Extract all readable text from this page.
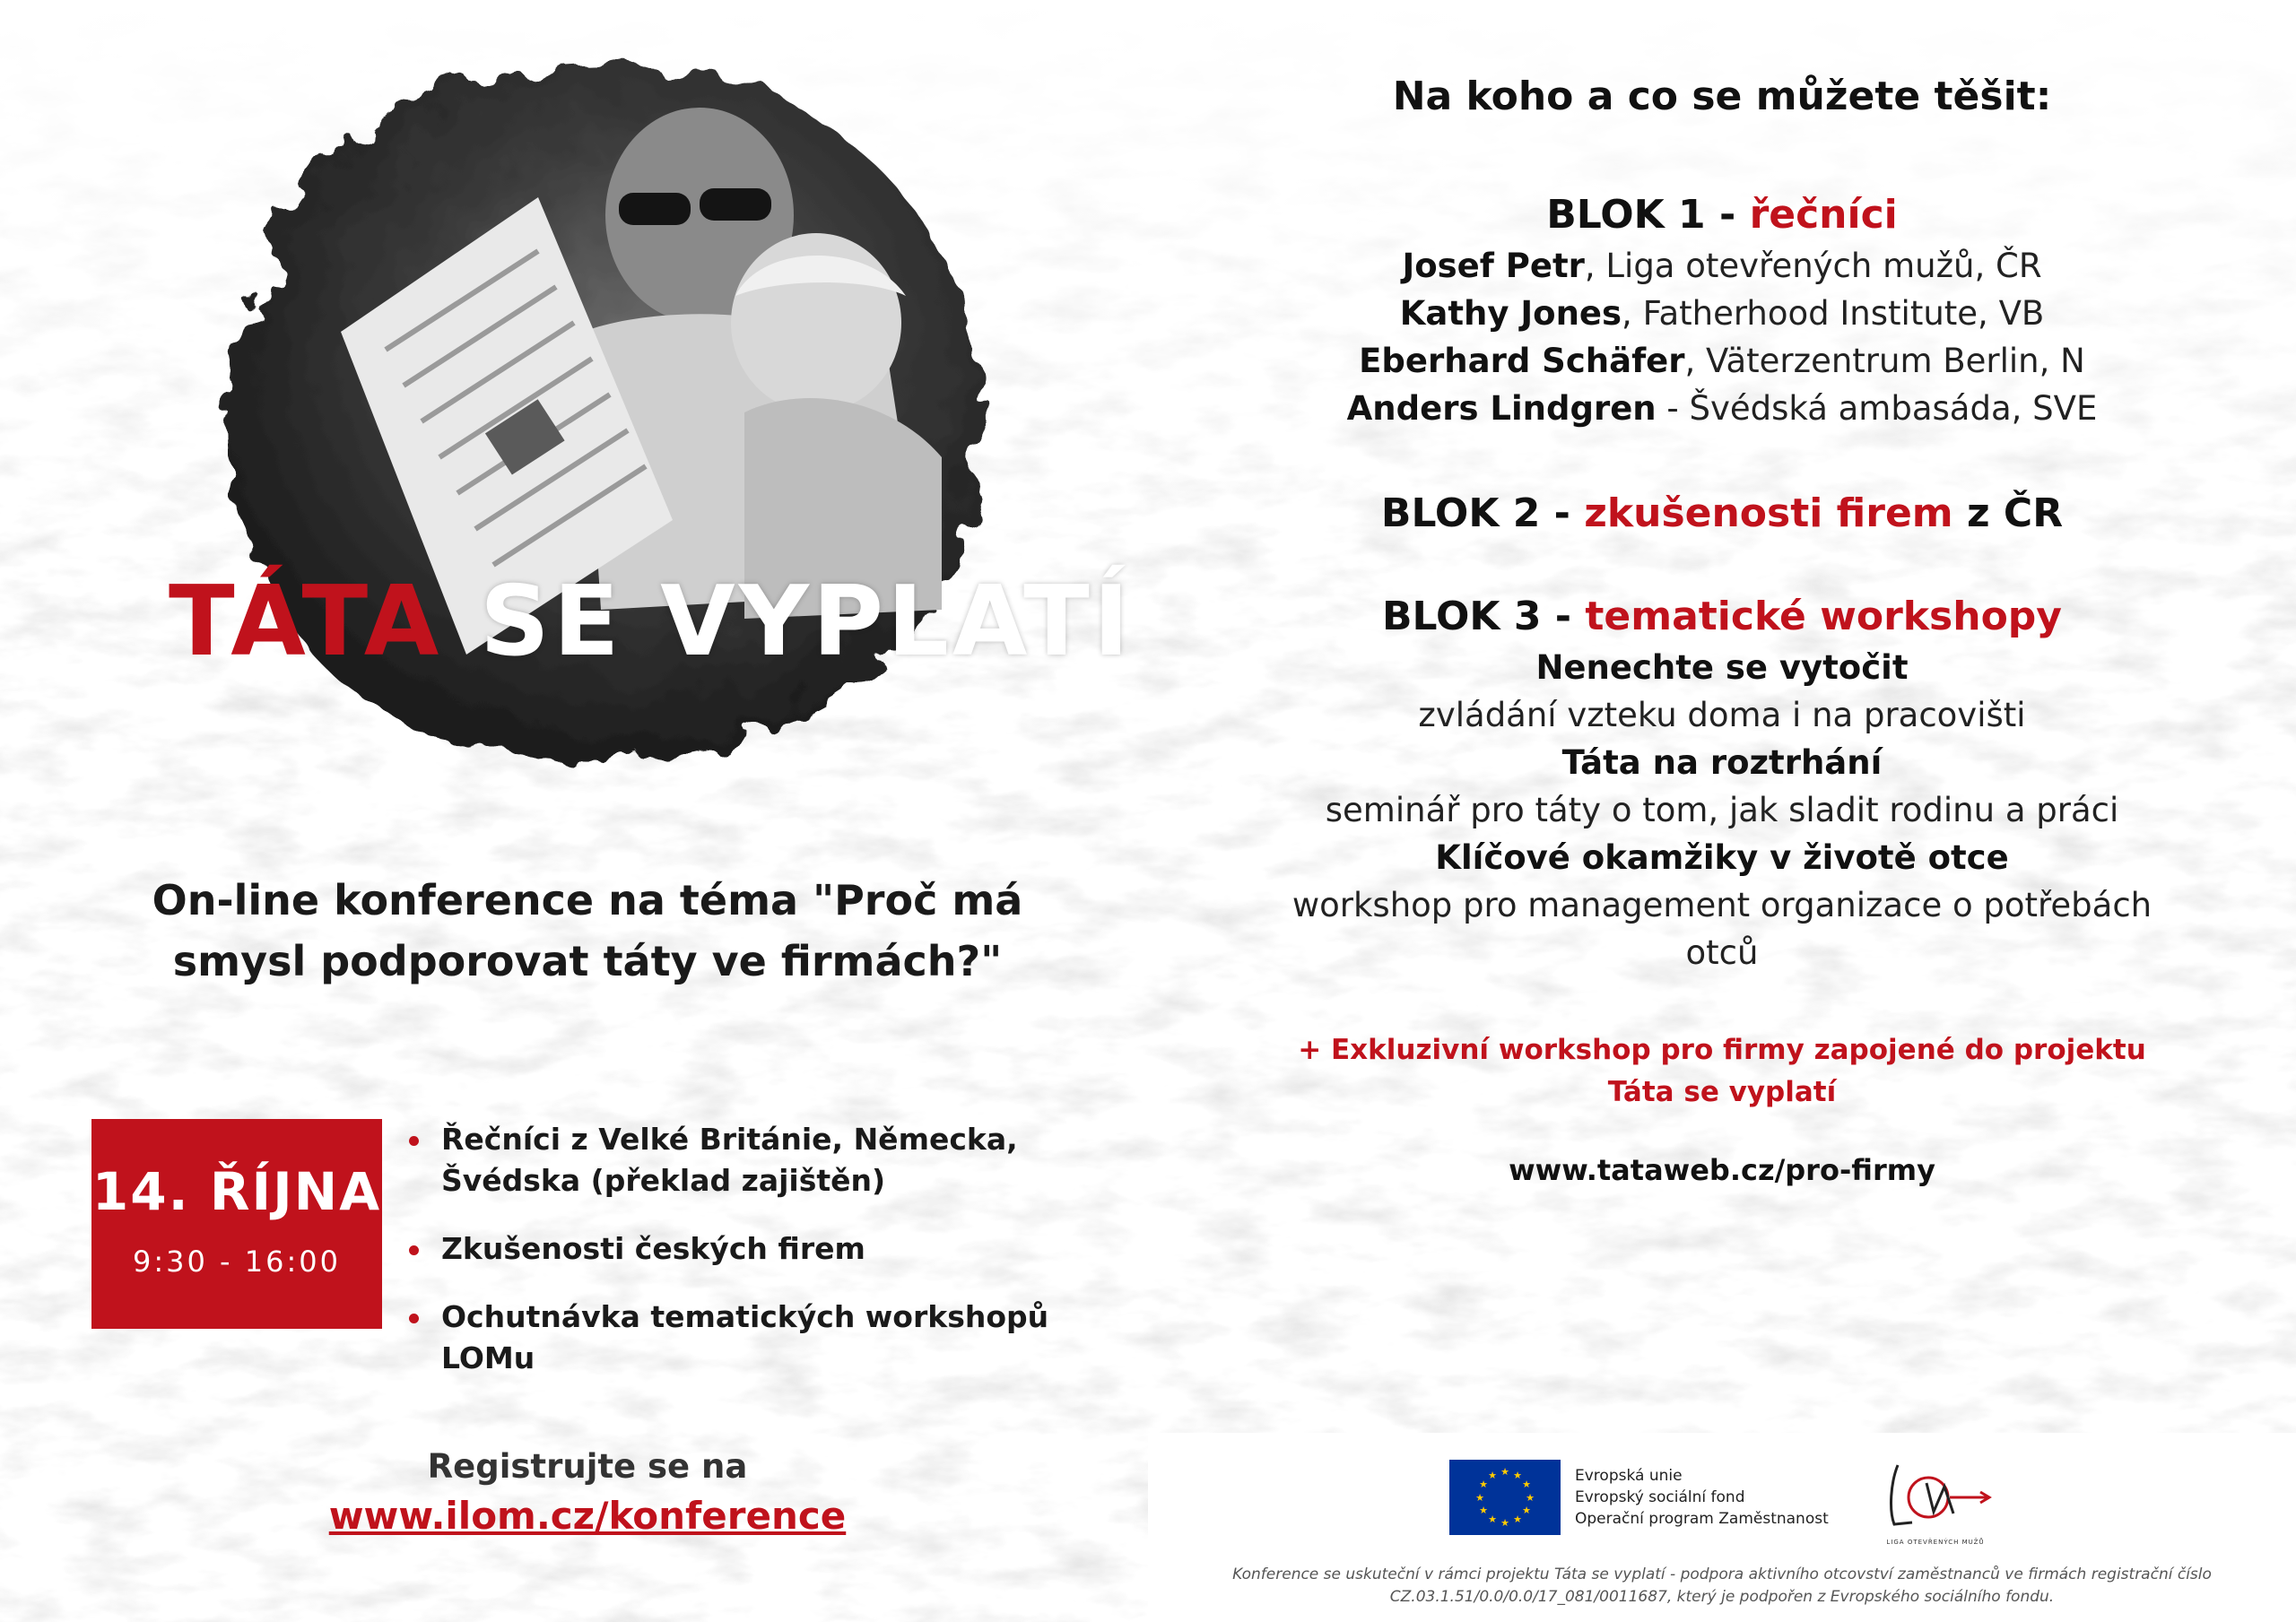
TÁTA SE VYPLATÍ

On-line konference na téma "Proč má smysl podporovat táty ve firmách?"

14. ŘÍJNA
9:30 - 16:00
Řečníci z Velké Británie, Německa, Švédska (překlad zajištěn)
Zkušenosti českých firem
Ochutnávka tematických workshopů LOMu
Registrujte se na
www.ilom.cz/konference
Na koho a co se můžete těšit:

BLOK 1 - řečníci

Josef Petr, Liga otevřených mužů, ČR

Kathy Jones, Fatherhood Institute, VB

Eberhard Schäfer, Väterzentrum Berlin, N

Anders Lindgren - Švédská ambasáda, SVE

BLOK 2 - zkušenosti firem z ČR

BLOK 3 - tematické workshopy

Nenechte se vytočit

zvládání vzteku doma i na pracovišti

Táta na roztrhání

seminář pro táty o tom, jak sladit rodinu a práci

Klíčové okamžiky v životě otce

workshop pro management organizace o potřebách otců

+ Exkluzivní workshop pro firmy zapojené do projektu Táta se vyplatí

www.tataweb.cz/pro-firmy

★ ★
★
★
★
★
★
★
★
★
★
★	Evropská unie
Evropský sociální fond
Operační program Zaměstnanost
LIGA OTEVŘENÝCH MUŽŮ

Konference se uskuteční v rámci projektu Táta se vyplatí - podpora aktivního otcovství zaměstnanců ve firmách registrační číslo CZ.03.1.51/0.0/0.0/17_081/0011687, který je podpořen z Evropského sociálního fondu.
